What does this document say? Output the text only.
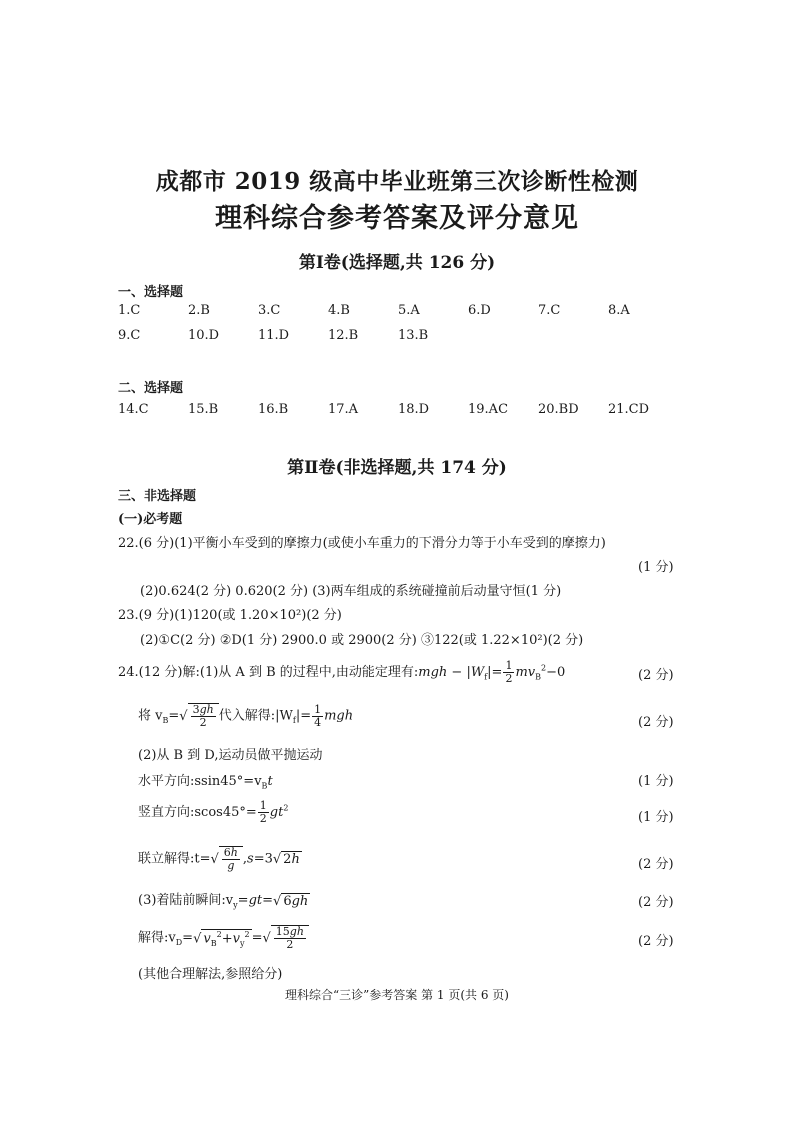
成都市 2019 级高中毕业班第三次诊断性检测
理科综合参考答案及评分意见
第Ⅰ卷(选择题,共 126 分)
一、选择题
1.C	2.B	3.C	4.B	5.A	6.D	7.C	8.A
9.C	10.D	11.D	12.B	13.B
二、选择题
14.C	15.B	16.B	17.A	18.D	19.AC 20.BD 21.CD
第Ⅱ卷(非选择题,共 174 分)
三、非选择题
(一)必考题
22.(6 分)(1)平衡小车受到的摩擦力(或使小车重力的下滑分力等于小车受到的摩擦力)
(1 分)
(2)0.624(2 分) 0.620(2 分) (3)两车组成的系统碰撞前后动量守恒(1 分)
23.(9 分)(1)120(或 1.20×10²)(2 分)
(2)①C(2 分) ②D(1 分) 2900.0 或 2900(2 分) ③122(或 1.22×10²)(2 分)
24.(12 分)解:(1)从 A 到 B 的过程中,由动能定理有:mgh − $|W_f|= \frac{1}{2} mv_B^2-0$	(2 分)
将 $v_B=√ \frac{3gh}{2}$ 代入解得$:|W_f|= \frac{1}{4}$ mgh	(2 分)
(2)从 B 到 D,运动员做平抛运动
水平方向$:ssin45^\circ=v_Bt$	(1 分)
竖直方向:scos45°= $\frac{1}{2} gt^2$
(1 分)
联立解得:t=√ $\frac{6h}{g} ,s=3√$ 2h	(2 分)
(3)着陆前瞬间$:v_y=gt=√$ 6gh	(2 分)
解得$:v_D=√$ $v_B^2+v_y^2$ =√ $\frac{15gh}{2}$	(2 分)
(其他合理解法,参照给分)
理科综合“三诊”参考答案 第 1 页(共 6 页)
